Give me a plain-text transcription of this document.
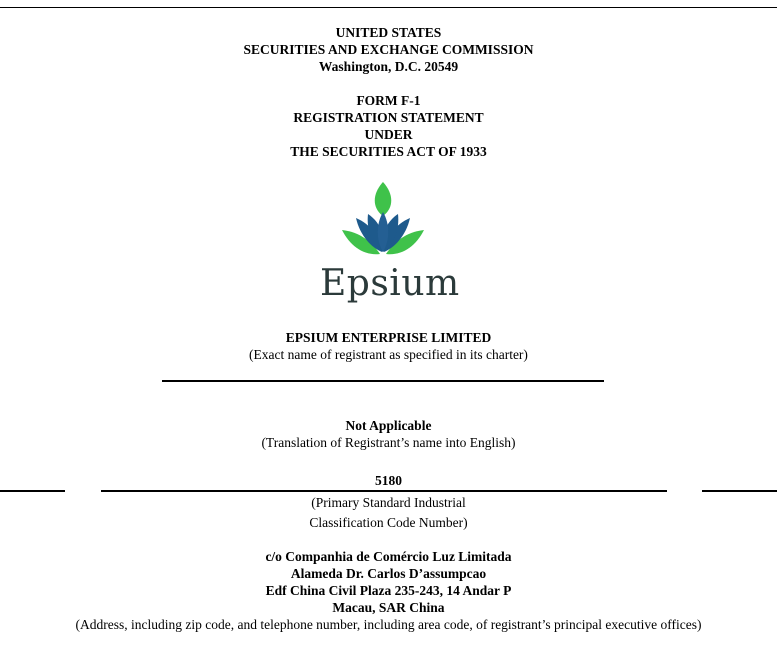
UNITED STATES
SECURITIES AND EXCHANGE COMMISSION
Washington, D.C. 20549
FORM F-1
REGISTRATION STATEMENT
UNDER
THE SECURITIES ACT OF 1933
Epsium
EPSIUM ENTERPRISE LIMITED
(Exact name of registrant as specified in its charter)
Not Applicable
(Translation of Registrant’s name into English)
5180
(Primary Standard Industrial
Classification Code Number)
c/o Companhia de Comércio Luz Limitada
Alameda Dr. Carlos D’assumpcao
Edf China Civil Plaza 235-243, 14 Andar P
Macau, SAR China
(Address, including zip code, and telephone number, including area code, of registrant’s principal executive offices)
